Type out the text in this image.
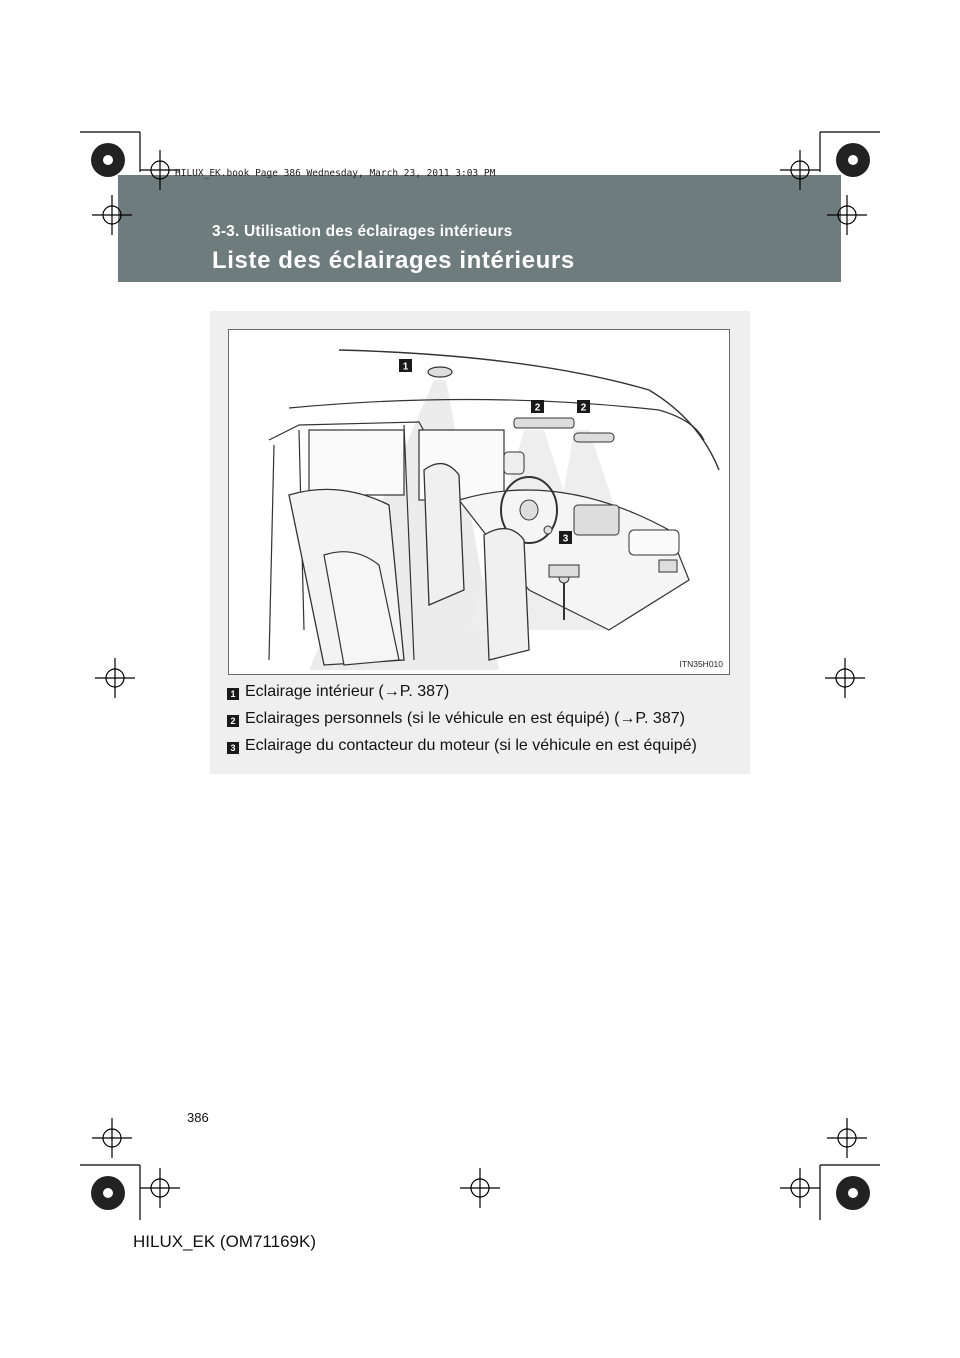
3-3. Utilisation des éclairages intérieurs
Liste des éclairages intérieurs
HILUX_EK.book Page 386 Wednesday, March 23, 2011 3:03 PM
1
2	2
3
ITN35H010
1 Eclairage intérieur (→P. 387)
2 Eclairages personnels (si le véhicule en est équipé) (→P. 387)
3 Eclairage du contacteur du moteur (si le véhicule en est équipé)
386
HILUX_EK (OM71169K)
